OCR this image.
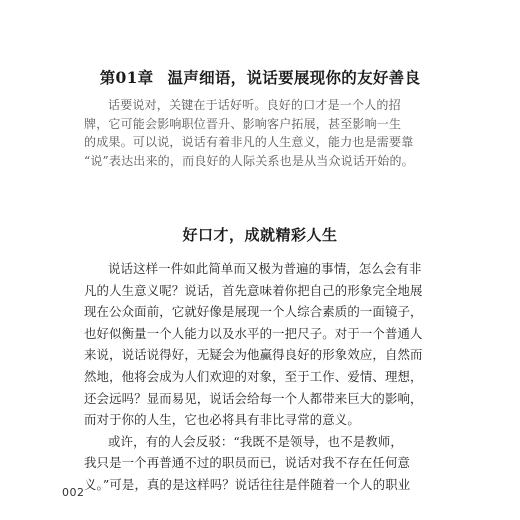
第01章 温声细语，说话要展现你的友好善良
话要说对，关键在于话好听。良好的口才是一个人的招
牌，它可能会影响职位晋升、影响客户拓展，甚至影响一生
的成果。可以说，说话有着非凡的人生意义，能力也是需要靠
“说”表达出来的，而良好的人际关系也是从当众说话开始的。
好口才，成就精彩人生
说话这样一件如此简单而又极为普遍的事情，怎么会有非
凡的人生意义呢？说话，首先意味着你把自己的形象完全地展
现在公众面前，它就好像是展现一个人综合素质的一面镜子，
也好似衡量一个人能力以及水平的一把尺子。对于一个普通人
来说，说话说得好，无疑会为他赢得良好的形象效应，自然而
然地，他将会成为人们欢迎的对象，至于工作、爱情、理想，
还会远吗？显而易见，说话会给每一个人都带来巨大的影响，
而对于你的人生，它也必将具有非比寻常的意义。
或许，有的人会反驳：“我既不是领导，也不是教师，
我只是一个再普通不过的职员而已，说话对我不存在任何意
义。”可是，真的是这样吗？说话往往是伴随着一个人的职业
002
